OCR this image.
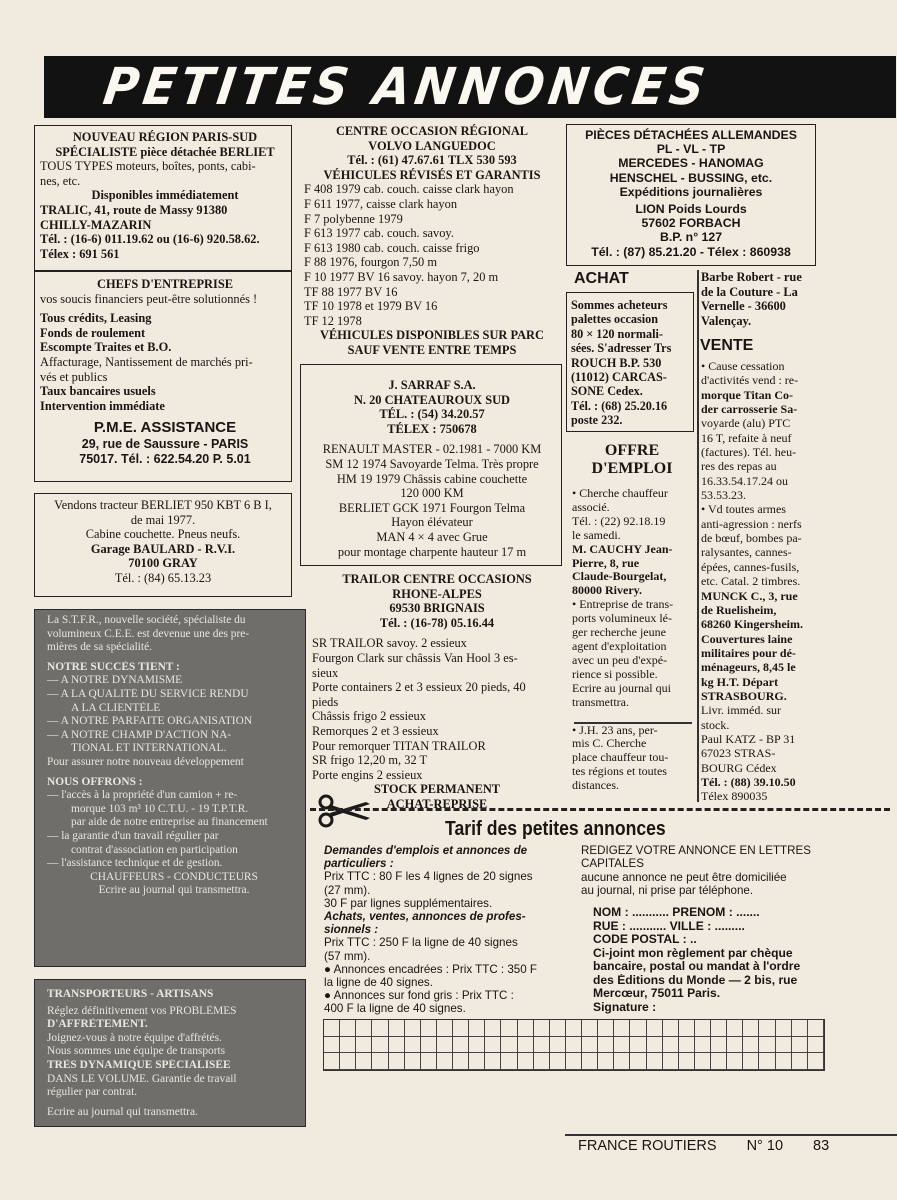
PETITES ANNONCES
NOUVEAU RÉGION PARIS-SUD
SPÉCIALISTE pièce détachée BERLIET
TOUS TYPES moteurs, boîtes, ponts, cabi-
nes, etc.
Disponibles immédiatement
TRALIC, 41, route de Massy 91380
CHILLY-MAZARIN
Tél. : (16-6) 011.19.62 ou (16-6) 920.58.62.
Télex : 691 561
CHEFS D'ENTREPRISE
vos soucis financiers peut-être solutionnés !
Tous crédits, Leasing
Fonds de roulement
Escompte Traites et B.O.
Affacturage, Nantissement de marchés pri-
vés et publics
Taux bancaires usuels
Intervention immédiate
P.M.E. ASSISTANCE
29, rue de Saussure - PARIS
75017. Tél. : 622.54.20 P. 5.01
Vendons tracteur BERLIET 950 KBT 6 B I,
de mai 1977.
Cabine couchette. Pneus neufs.
Garage BAULARD - R.V.I.
70100 GRAY
Tél. : (84) 65.13.23
La S.T.F.R., nouvelle société, spécialiste du
volumineux C.E.E. est devenue une des pre-
mières de sa spécialité.
NOTRE SUCCÈS TIENT :
— A NOTRE DYNAMISME
— A LA QUALITÉ DU SERVICE RENDU
A LA CLIENTÈLE
— A NOTRE PARFAITE ORGANISATION
— A NOTRE CHAMP D'ACTION NA-
TIONAL ET INTERNATIONAL.
Pour assurer notre nouveau développement
NOUS OFFRONS :
— l'accès à la propriété d'un camion + re-
morque 103 m³ 10 C.T.U. - 19 T.P.T.R.
par aide de notre entreprise au financement
— la garantie d'un travail régulier par
contrat d'association en participation
— l'assistance technique et de gestion.
CHAUFFEURS - CONDUCTEURS
Ecrire au journal qui transmettra.
TRANSPORTEURS - ARTISANS
Réglez définitivement vos PROBLÈMES
D'AFFRÈTEMENT.
Joignez-vous à notre équipe d'affrétés.
Nous sommes une équipe de transports
TRÈS DYNAMIQUE SPÉCIALISÉE
DANS LE VOLUME. Garantie de travail
régulier par contrat.
Ecrire au journal qui transmettra.
CENTRE OCCASION RÉGIONAL
VOLVO LANGUEDOC
Tél. : (61) 47.67.61 TLX 530 593
VÉHICULES RÉVISÉS ET GARANTIS
F 408 1979 cab. couch. caisse clark hayon
F 611 1977, caisse clark hayon
F 7 polybenne 1979
F 613 1977 cab. couch. savoy.
F 613 1980 cab. couch. caisse frigo
F 88 1976, fourgon 7,50 m
F 10 1977 BV 16 savoy. hayon 7, 20 m
TF 88 1977 BV 16
TF 10 1978 et 1979 BV 16
TF 12 1978
VÉHICULES DISPONIBLES SUR PARC
SAUF VENTE ENTRE TEMPS
J. SARRAF S.A.
N. 20 CHATEAUROUX SUD
TÉL. : (54) 34.20.57
TÉLEX : 750678
RENAULT MASTER - 02.1981 - 7000 KM
SM 12 1974 Savoyarde Telma. Très propre
HM 19 1979 Châssis cabine couchette
120 000 KM
BERLIET GCK 1971 Fourgon Telma
Hayon élévateur
MAN 4 × 4 avec Grue
pour montage charpente hauteur 17 m
TRAILOR CENTRE OCCASIONS
RHONE-ALPES
69530 BRIGNAIS
Tél. : (16-78) 05.16.44
SR TRAILOR savoy. 2 essieux
Fourgon Clark sur châssis Van Hool 3 es-
sieux
Porte containers 2 et 3 essieux 20 pieds, 40
pieds
Châssis frigo 2 essieux
Remorques 2 et 3 essieux
Pour remorquer TITAN TRAILOR
SR frigo 12,20 m, 32 T
Porte engins 2 essieux
STOCK PERMANENT
ACHAT-REPRISE
PIÈCES DÉTACHÉES ALLEMANDES
PL - VL - TP
MERCEDES - HANOMAG
HENSCHEL - BUSSING, etc.
Expéditions journalières
LION Poids Lourds
57602 FORBACH
B.P. n° 127
Tél. : (87) 85.21.20 - Télex : 860938
ACHAT
Sommes acheteurs
palettes occasion
80 × 120 normali-
sées. S'adresser Trs
ROUCH B.P. 530
(11012) CARCAS-
SONE Cedex.
Tél. : (68) 25.20.16
poste 232.
OFFRE
D'EMPLOI
• Cherche chauffeur
associé.
Tél. : (22) 92.18.19
le samedi.
M. CAUCHY Jean-
Pierre, 8, rue
Claude-Bourgelat,
80000 Rivery.
• Entreprise de trans-
ports volumineux lé-
ger recherche jeune
agent d'exploitation
avec un peu d'expé-
rience si possible.
Ecrire au journal qui
transmettra.
• J.H. 23 ans, per-
mis C. Cherche
place chauffeur tou-
tes régions et toutes
distances.
Barbe Robert - rue
de la Couture - La
Vernelle - 36600
Valençay.
VENTE
• Cause cessation
d'activités vend : re-
morque Titan Co-
der carrosserie Sa-
voyarde (alu) PTC
16 T, refaite à neuf
(factures). Tél. heu-
res des repas au
16.33.54.17.24 ou
53.53.23.
• Vd toutes armes
anti-agression : nerfs
de bœuf, bombes pa-
ralysantes, cannes-
épées, cannes-fusils,
etc. Catal. 2 timbres.
MUNCK C., 3, rue
de Ruelisheim,
68260 Kingersheim.
Couvertures laine
militaires pour dé-
ménageurs, 8,45 le
kg H.T. Départ
STRASBOURG.
Livr. imméd. sur
stock.
Paul KATZ - BP 31
67023 STRAS-
BOURG Cédex
Tél. : (88) 39.10.50
Télex 890035
Tarif des petites annonces
Demandes d'emplois et annonces de
particuliers :
Prix TTC : 80 F les 4 lignes de 20 signes
(27 mm).
30 F par lignes supplémentaires.
Achats, ventes, annonces de profes-
sionnels :
Prix TTC : 250 F la ligne de 40 signes
(57 mm).
● Annonces encadrées : Prix TTC : 350 F
la ligne de 40 signes.
● Annonces sur fond gris : Prix TTC :
400 F la ligne de 40 signes.
REDIGEZ VOTRE ANNONCE EN LETTRES
CAPITALES
aucune annonce ne peut être domiciliée
au journal, ni prise par téléphone.
NOM : ........... PRENOM : .......
RUE : ........... VILLE : .........
CODE POSTAL : ..
Ci-joint mon règlement par chèque
bancaire, postal ou mandat à l'ordre
des Éditions du Monde — 2 bis, rue
Mercœur, 75011 Paris.
Signature :
FRANCE ROUTIERS N° 10 83
